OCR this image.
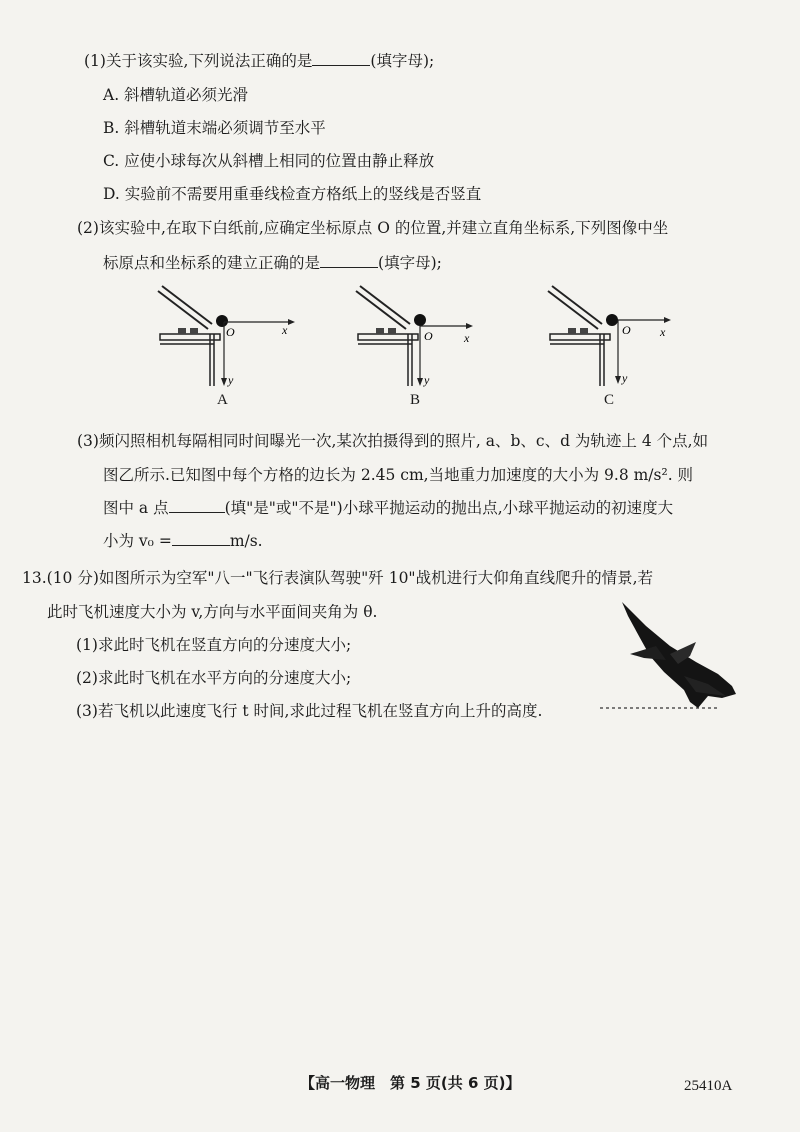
(1)关于该实验,下列说法正确的是	(填字母);
A. 斜槽轨道必须光滑
B. 斜槽轨道末端必须调节至水平
C. 应使小球每次从斜槽上相同的位置由静止释放
D. 实验前不需要用重垂线检查方格纸上的竖线是否竖直
(2)该实验中,在取下白纸前,应确定坐标原点 O 的位置,并建立直角坐标系,下列图像中坐
标原点和坐标系的建立正确的是	(填字母);
O	x
y
A
O	x
y
B
O x
y
C
(3)频闪照相机每隔相同时间曝光一次,某次拍摄得到的照片, a、b、c、d 为轨迹上 4 个点,如
图乙所示.已知图中每个方格的边长为 2.45 cm,当地重力加速度的大小为 9.8 m/s². 则
图中 a 点	(填"是"或"不是")小球平抛运动的抛出点,小球平抛运动的初速度大
小为 v₀ =	m/s.
13.(10 分)如图所示为空军"八一"飞行表演队驾驶"歼 10"战机进行大仰角直线爬升的情景,若
此时飞机速度大小为 v,方向与水平面间夹角为 θ.
(1)求此时飞机在竖直方向的分速度大小;
(2)求此时飞机在水平方向的分速度大小;
(3)若飞机以此速度飞行 t 时间,求此过程飞机在竖直方向上升的高度.
【高一物理　第 5 页(共 6 页)】	25410A
